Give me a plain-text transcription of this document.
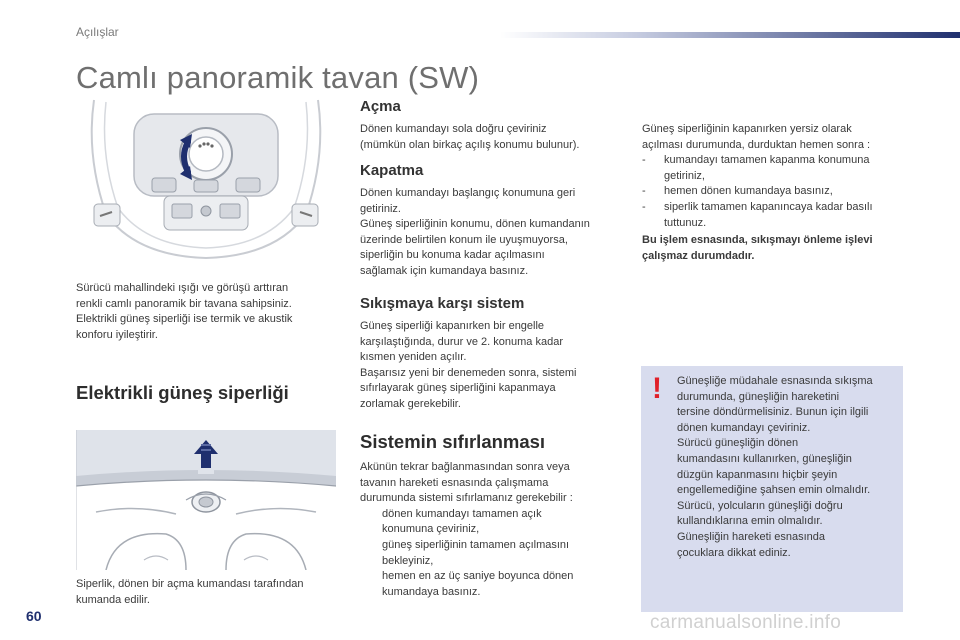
Açılışlar
Camlı panoramik tavan (SW)
Sürücü mahallindeki ışığı ve görüşü arttıran
renkli camlı panoramik bir tavana sahipsiniz.
Elektrikli güneş siperliği ise termik ve akustik
konforu iyileştirir.
Elektrikli güneş siperliği
Siperlik, dönen bir açma kumandası tarafından
kumanda edilir.
Açma
Dönen kumandayı sola doğru çeviriniz
(mümkün olan birkaç açılış konumu bulunur).
Kapatma
Dönen kumandayı başlangıç konumuna geri
getiriniz.
Güneş siperliğinin konumu, dönen kumandanın
üzerinde belirtilen konum ile uyuşmuyorsa,
siperliğin bu konuma kadar açılmasını
sağlamak için kumandaya basınız.
Sıkışmaya karşı sistem
Güneş siperliği kapanırken bir engelle
karşılaştığında, durur ve 2. konuma kadar
kısmen yeniden açılır.
Başarısız yeni bir denemeden sonra, sistemi
sıfırlayarak güneş siperliğini kapanmaya
zorlamak gerekebilir.
Sistemin sıfırlanması
Akünün tekrar bağlanmasından sonra veya
tavanın hareketi esnasında çalışmama
durumunda sistemi sıfırlamanız gerekebilir :
dönen kumandayı tamamen açık
konumuna çeviriniz,
güneş siperliğinin tamamen açılmasını
bekleyiniz,
hemen en az üç saniye boyunca dönen
kumandaya basınız.
Güneş siperliğinin kapanırken yersiz olarak
açılması durumunda, durduktan hemen sonra :
-	kumandayı tamamen kapanma konumuna
getiriniz,
-	hemen dönen kumandaya basınız,
-	siperlik tamamen kapanıncaya kadar basılı
tuttunuz.
Bu işlem esnasında, sıkışmayı önleme işlevi
çalışmaz durumdadır.
! Güneşliğe müdahale esnasında sıkışma
durumunda, güneşliğin hareketini
tersine döndürmelisiniz. Bunun için ilgili
dönen kumandayı çeviriniz.
Sürücü güneşliğin dönen
kumandasını kullanırken, güneşliğin
düzgün kapanmasını hiçbir şeyin
engellemediğine şahsen emin olmalıdır.
Sürücü, yolcuların güneşliği doğru
kullandıklarına emin olmalıdır.
Güneşliğin hareketi esnasında
çocuklara dikkat ediniz.
60	carmanualsonline.info
